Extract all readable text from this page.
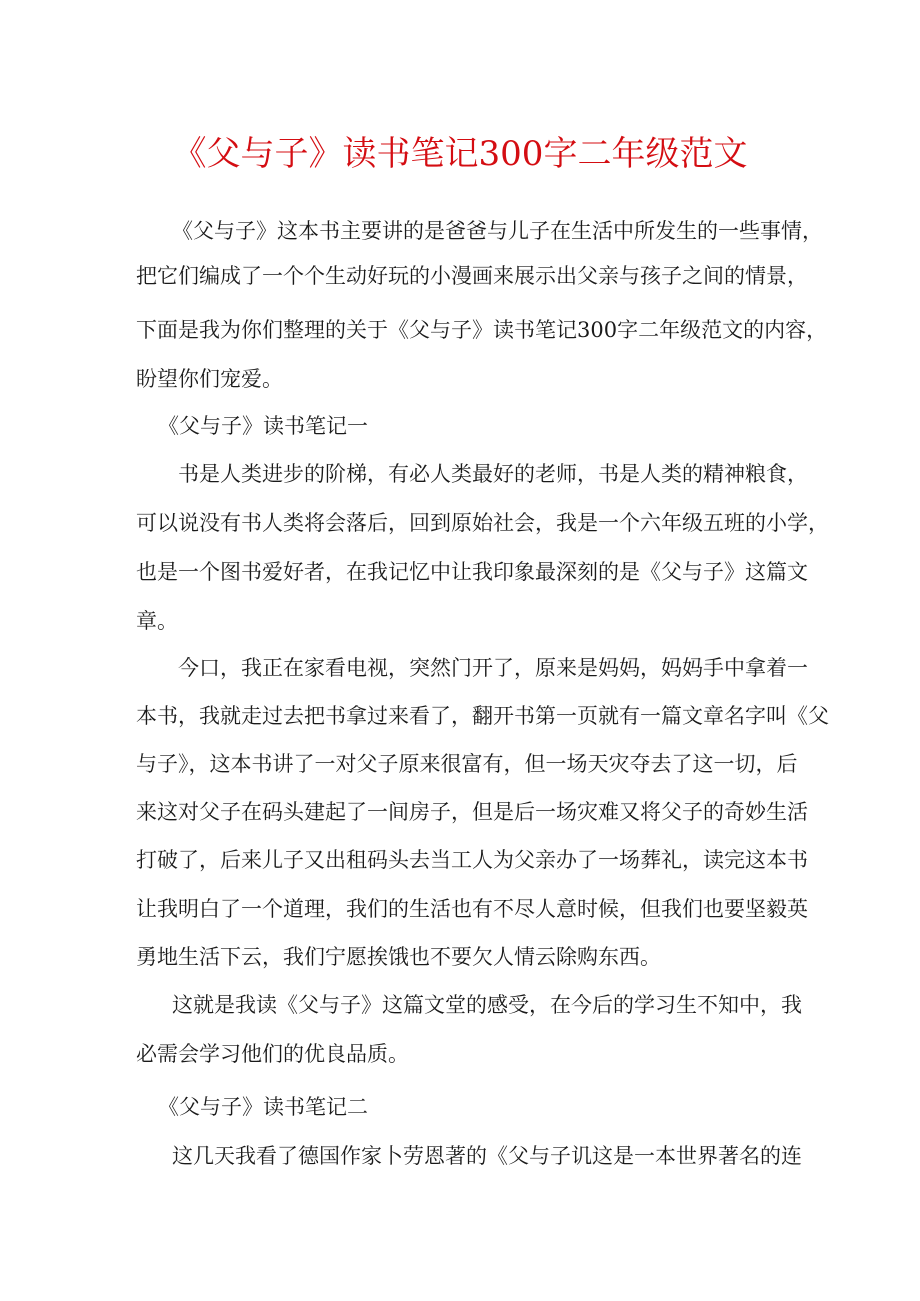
《父与子》读书笔记300字二年级范文
《父与子》这本书主要讲的是爸爸与儿子在生活中所发生的一些事情，
把它们编成了一个个生动好玩的小漫画来展示出父亲与孩子之间的情景，
下面是我为你们整理的关于《父与子》读书笔记300字二年级范文的内容，
盼望你们宠爱。
《父与子》读书笔记一
书是人类进步的阶梯，有必人类最好的老师，书是人类的精神粮食，
可以说没有书人类将会落后，回到原始社会，我是一个六年级五班的小学，
也是一个图书爱好者，在我记忆中让我印象最深刻的是《父与子》这篇文
章。
今口，我正在家看电视，突然门开了，原来是妈妈，妈妈手中拿着一
本书，我就走过去把书拿过来看了，翻开书第一页就有一篇文章名字叫《父
与子》，这本书讲了一对父子原来很富有，但一场天灾夺去了这一切，后
来这对父子在码头建起了一间房子，但是后一场灾难又将父子的奇妙生活
打破了，后来儿子又出租码头去当工人为父亲办了一场葬礼，读完这本书
让我明白了一个道理，我们的生活也有不尽人意时候，但我们也要坚毅英
勇地生活下云，我们宁愿挨饿也不要欠人情云除购东西。
这就是我读《父与子》这篇文堂的感受，在今后的学习生不知中，我
必需会学习他们的优良品质。
《父与子》读书笔记二
这几天我看了德国作家卜劳恩著的《父与子讥这是一本世界著名的连
